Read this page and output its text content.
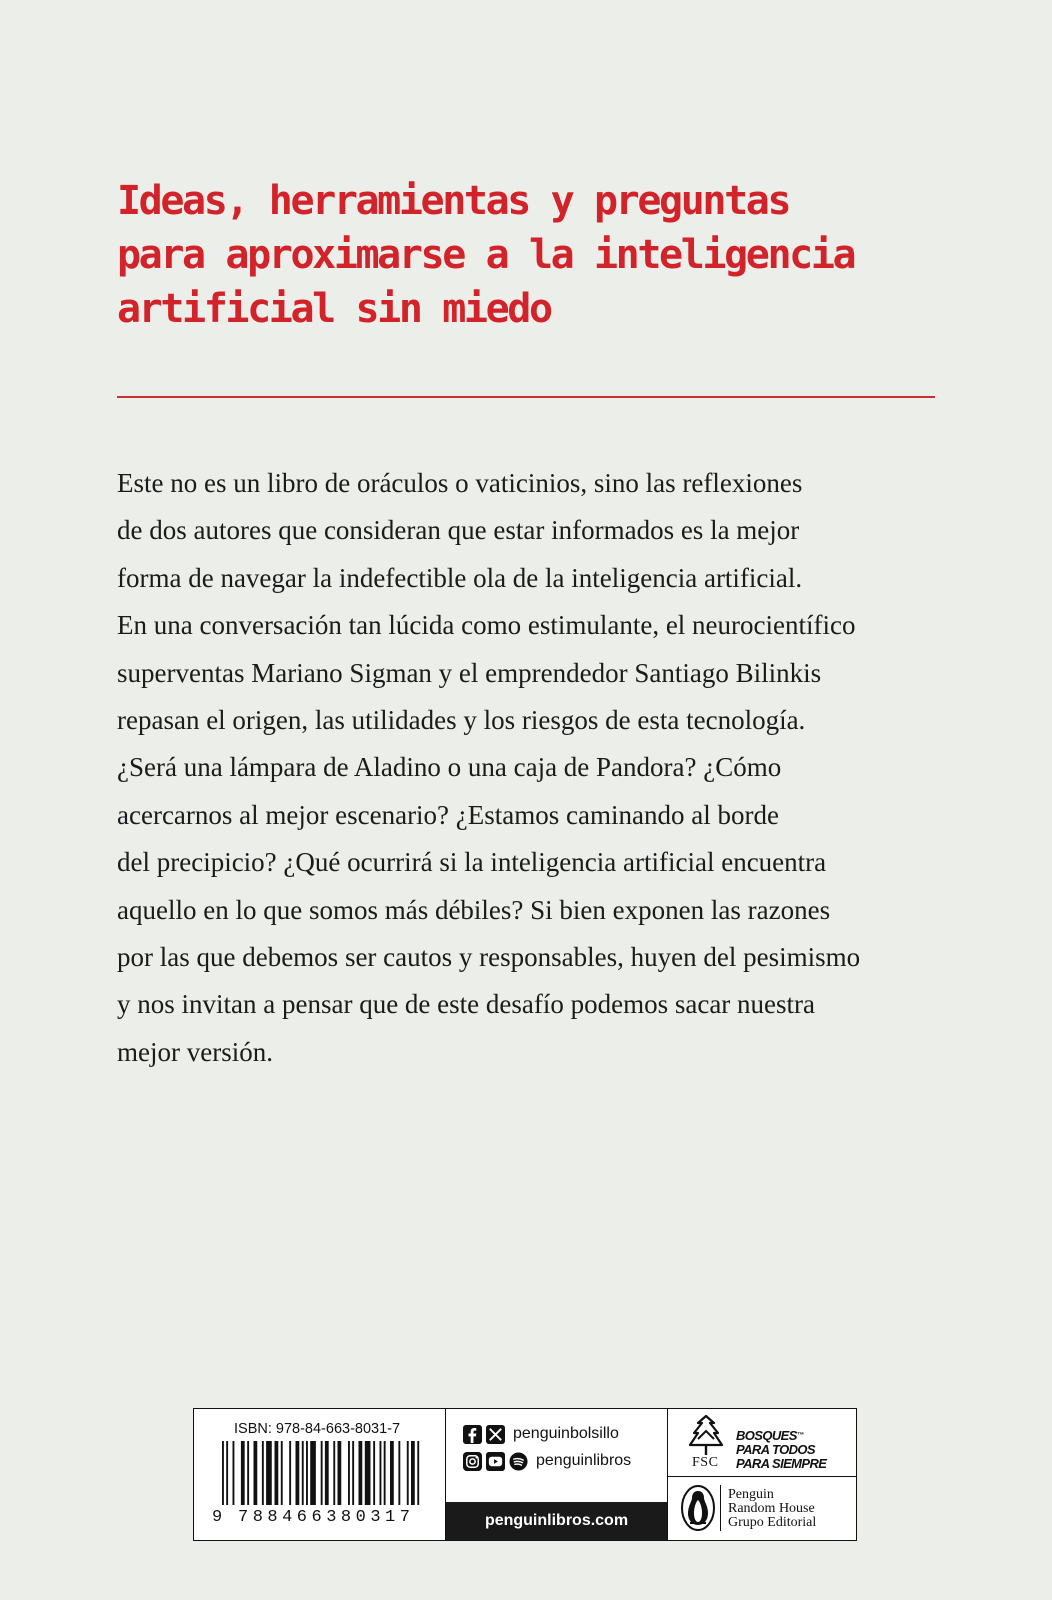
Ideas, herramientas y preguntas
para aproximarse a la inteligencia
artificial sin miedo
Este no es un libro de oráculos o vaticinios, sino las reflexiones
de dos autores que consideran que estar informados es la mejor
forma de navegar la indefectible ola de la inteligencia artificial.
En una conversación tan lúcida como estimulante, el neurocientífico
superventas Mariano Sigman y el emprendedor Santiago Bilinkis
repasan el origen, las utilidades y los riesgos de esta tecnología.
¿Será una lámpara de Aladino o una caja de Pandora? ¿Cómo
acercarnos al mejor escenario? ¿Estamos caminando al borde
del precipicio? ¿Qué ocurrirá si la inteligencia artificial encuentra
aquello en lo que somos más débiles? Si bien exponen las razones
por las que debemos ser cautos y responsables, huyen del pesimismo
y nos invitan a pensar que de este desafío podemos sacar nuestra
mejor versión.
ISBN: 978-84-663-8031-7
9 788466380317
penguinbolsillo
penguinlibros
penguinlibros.com
FSC
BOSQUES™
PARA TODOS
PARA SIEMPRE
Penguin
Random House
Grupo Editorial
